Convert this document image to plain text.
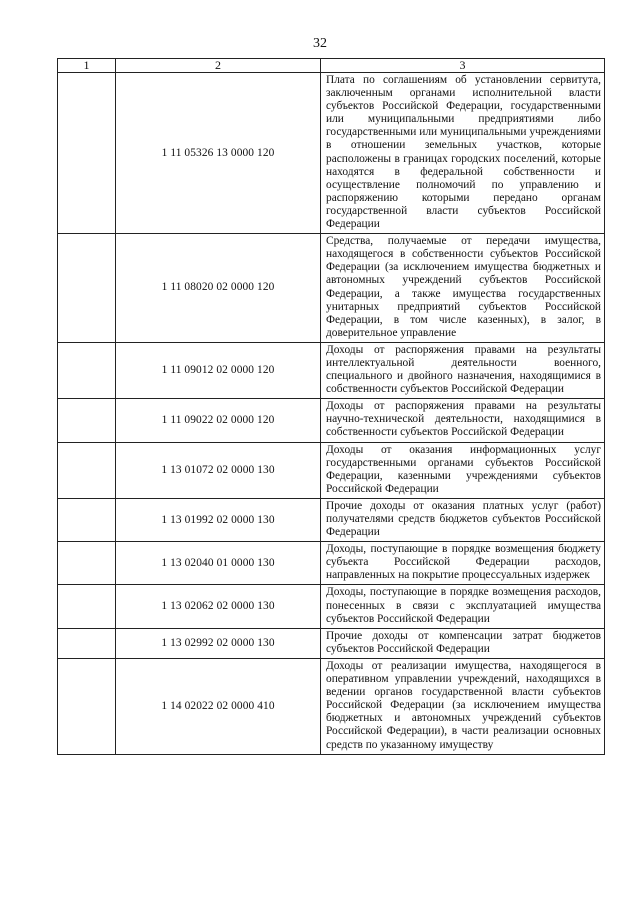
32
1	2	3
	1 11 05326 13 0000 120	Плата по соглашениям об установлении сервитута, заключенным органами исполнительной власти субъектов Российской Федерации, государственными или муниципальными предприятиями либо государственными или муниципальными учреждениями в отношении земельных участков, которые расположены в границах городских поселений, которые находятся в федеральной собственности и осуществление полномочий по управлению и распоряжению которыми передано органам государственной власти субъектов Российской Федерации
	1 11 08020 02 0000 120	Средства, получаемые от передачи имущества, находящегося в собственности субъектов Российской Федерации (за исключением имущества бюджетных и автономных учреждений субъектов Российской Федерации, а также имущества государственных унитарных предприятий субъектов Российской Федерации, в том числе казенных), в залог, в доверительное управление
	1 11 09012 02 0000 120	Доходы от распоряжения правами на результаты интеллектуальной деятельности военного, специального и двойного назначения, находящимися в собственности субъектов Российской Федерации
	1 11 09022 02 0000 120	Доходы от распоряжения правами на результаты научно-технической деятельности, находящимися в собственности субъектов Российской Федерации
	1 13 01072 02 0000 130	Доходы от оказания информационных услуг государственными органами субъектов Российской Федерации, казенными учреждениями субъектов Российской Федерации
	1 13 01992 02 0000 130	Прочие доходы от оказания платных услуг (работ) получателями средств бюджетов субъектов Российской Федерации
	1 13 02040 01 0000 130	Доходы, поступающие в порядке возмещения бюджету субъекта Российской Федерации расходов, направленных на покрытие процессуальных издержек
	1 13 02062 02 0000 130	Доходы, поступающие в порядке возмещения расходов, понесенных в связи с эксплуатацией имущества субъектов Российской Федерации
	1 13 02992 02 0000 130	Прочие доходы от компенсации затрат бюджетов субъектов Российской Федерации
	1 14 02022 02 0000 410	Доходы от реализации имущества, находящегося в оперативном управлении учреждений, находящихся в ведении органов государственной власти субъектов Российской Федерации (за исключением имущества бюджетных и автономных учреждений субъектов Российской Федерации), в части реализации основных средств по указанному имуществу
